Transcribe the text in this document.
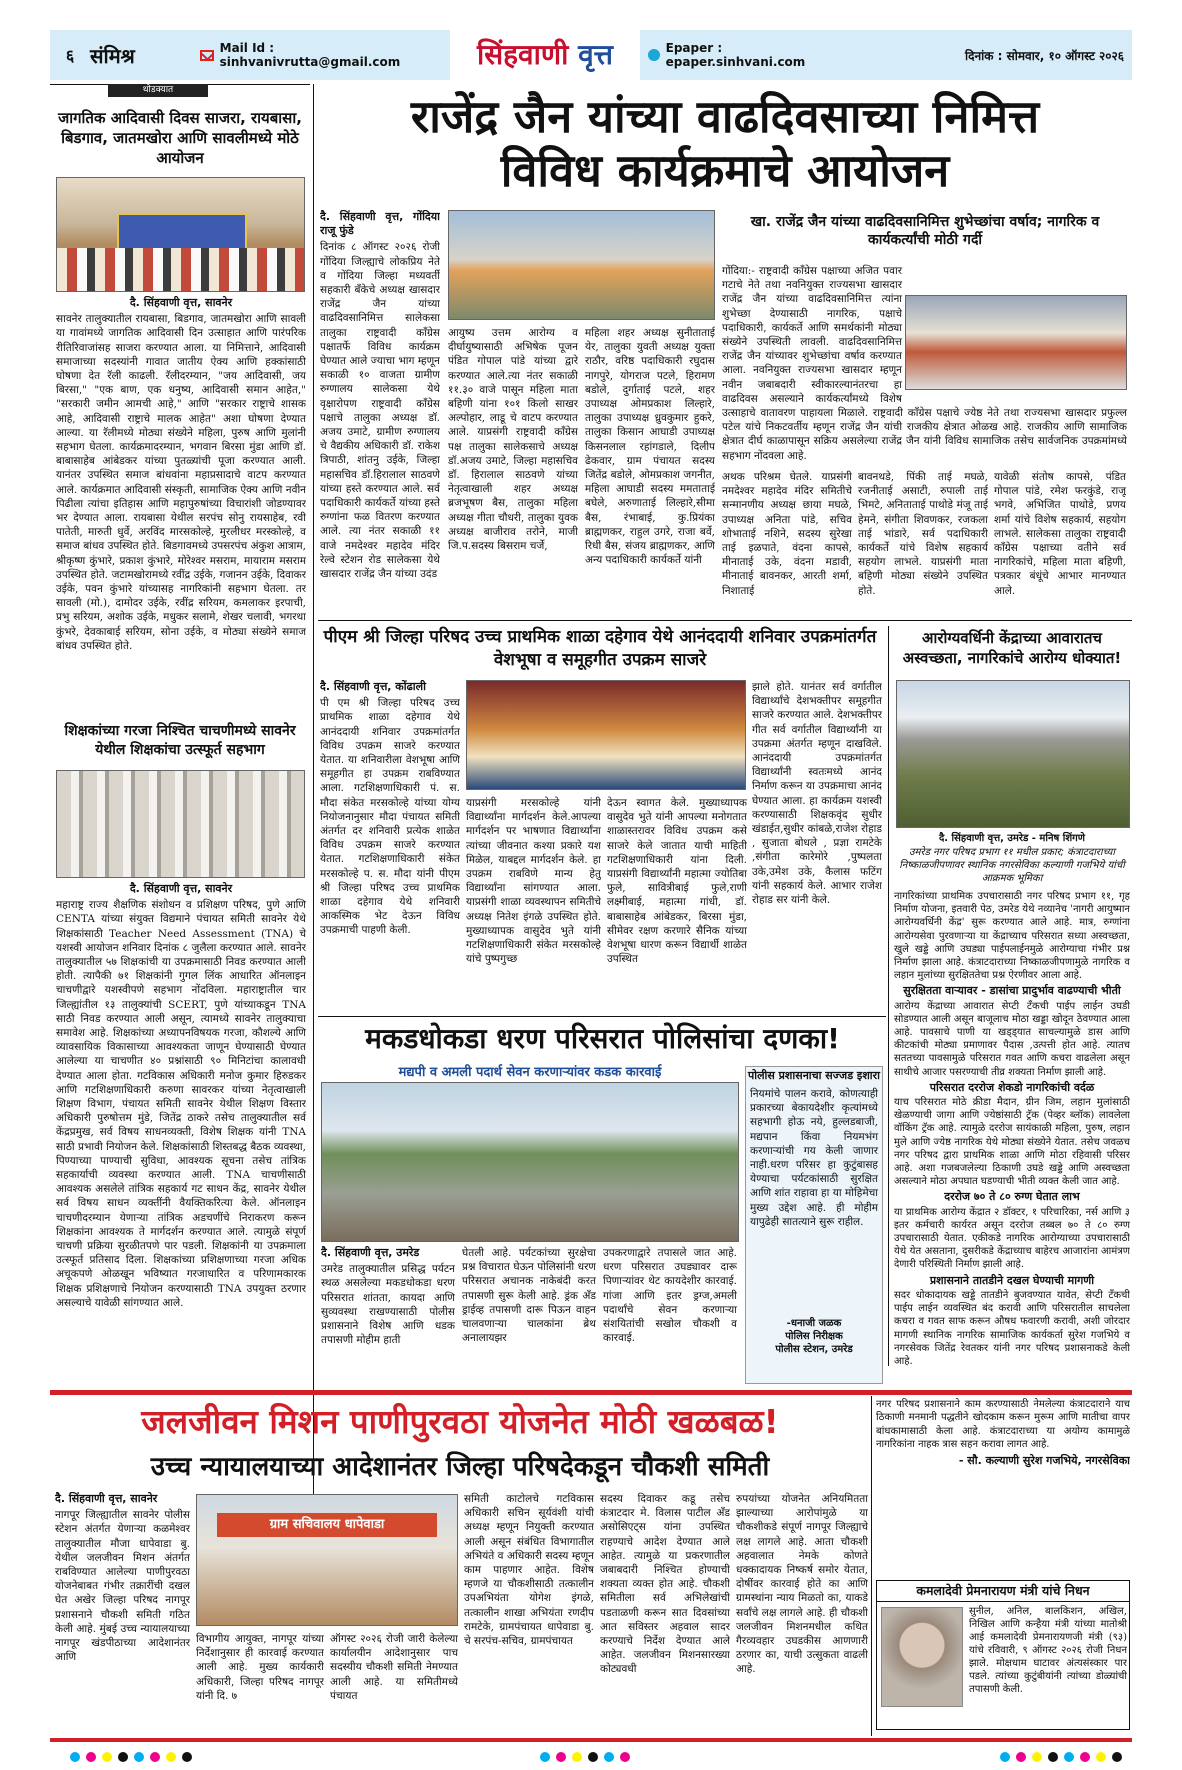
६ संमिश्र	Mail Id : sinhvanivrutta@gmail.com	सिंहवाणी वृत्त	Epaper : epaper.sinhvani.com	दिनांक : सोमवार, १० ऑगस्ट २०२६
थोडक्यात
जागतिक आदिवासी दिवस साजरा, रायबासा, बिडगाव, जातमखोरा आणि सावलीमध्ये मोठे आयोजन
दै. सिंहवाणी वृत्त, सावनेर
सावनेर तालुक्यातील रायबासा, बिडगाव, जातमखोरा आणि सावली या गावांमध्ये जागतिक आदिवासी दिन उत्साहात आणि पारंपरिक रीतिरिवाजांसह साजरा करण्यात आला. या निमित्ताने, आदिवासी समाजाच्या सदस्यांनी गावात जातीय ऐक्य आणि हक्कांसाठी घोषणा देत रॅली काढली. रॅलीदरम्यान, "जय आदिवासी, जय बिरसा," "एक बाण, एक धनुष्य, आदिवासी समान आहेत," "सरकारी जमीन आमची आहे," आणि "सरकार राष्ट्राचे शासक आहे, आदिवासी राष्ट्राचे मालक आहेत" अशा घोषणा देण्यात आल्या. या रॅलीमध्ये मोठ्या संख्येने महिला, पुरुष आणि मुलांनी सहभाग घेतला. कार्यक्रमादरम्यान, भगवान बिरसा मुंडा आणि डॉ. बाबासाहेब आंबेडकर यांच्या पुतळ्यांची पूजा करण्यात आली. यानंतर उपस्थित समाज बांधवांना महाप्रसादाचे वाटप करण्यात आले. कार्यक्रमात आदिवासी संस्कृती, सामाजिक ऐक्य आणि नवीन पिढीला त्यांचा इतिहास आणि महापुरुषांच्या विचारांशी जोडण्यावर भर देण्यात आला. रायबासा येथील सरपंच सोनु रायसाहेब, रवी पातेती, मारुती धुर्वे, अरविंद मारसकोल्हे, मुरलीधर मरस्कोल्हे, व समाज बांधव उपस्थित होते. बिडगावमध्ये उपसरपंच अंकुश आत्राम, श्रीकृष्ण कुंभारे, प्रकाश कुंभारे, मोरेश्वर मसराम, मायाराम मसराम उपस्थित होते. जटामखोरामध्ये रवींद्र उईके, गजानन उईके, दिवाकर उईके, पवन कुंभारे यांच्यासह नागरिकांनी सहभाग घेतला. तर सावली (मो.), दामोदर उईके, रवींद्र सरियम, कमलाकर इरपाची, प्रभु सरियम, अशोक उईके, मधुकर सलामे, शेखर चलावी, भगरथा कुंभरे, देवकाबाई सरियम, सोना उईके, व मोठ्या संख्येने समाज बांधव उपस्थित होते.
शिक्षकांच्या गरजा निश्चित चाचणीमध्ये सावनेर येथील शिक्षकांचा उत्स्फूर्त सहभाग
दै. सिंहवाणी वृत्त, सावनेर
महाराष्ट्र राज्य शैक्षणिक संशोधन व प्रशिक्षण परिषद, पुणे आणि CENTA यांच्या संयुक्त विद्यमाने पंचायत समिती सावनेर येथे शिक्षकांसाठी Teacher Need Assessment (TNA) चे यशस्वी आयोजन शनिवार दिनांक ८ जुलैला करण्यात आले. सावनेर तालुक्यातील ५७ शिक्षकांची या उपक्रमासाठी निवड करण्यात आली होती. त्यापैकी ७१ शिक्षकांनी गुगल लिंक आधारित ऑनलाइन चाचणीद्वारे यशस्वीपणे सहभाग नोंदविला. महाराष्ट्रातील चार जिल्ह्यांतील १३ तालुक्यांची SCERT, पुणे यांच्याकडून TNA साठी निवड करण्यात आली असून, त्यामध्ये सावनेर तालुक्याचा समावेश आहे. शिक्षकांच्या अध्यापनविषयक गरजा, कौशल्ये आणि व्यावसायिक विकासाच्या आवश्यकता जाणून घेण्यासाठी घेण्यात आलेल्या या चाचणीत ४० प्रश्नांसाठी ९० मिनिटांचा कालावधी देण्यात आला होता. गटविकास अधिकारी मनोज कुमार हिरुडकर आणि गटशिक्षणाधिकारी करुणा सावरकर यांच्या नेतृत्वाखाली शिक्षण विभाग, पंचायत समिती सावनेर येथील शिक्षण विस्तार अधिकारी पुरुषोत्तम मुंडे, जितेंद्र ठाकरे तसेच तालुक्यातील सर्व केंद्रप्रमुख, सर्व विषय साधनव्यक्ती, विशेष शिक्षक यांनी TNA साठी प्रभावी नियोजन केले. शिक्षकांसाठी शिस्तबद्ध बैठक व्यवस्था, पिण्याच्या पाण्याची सुविधा, आवश्यक सूचना तसेच तांत्रिक सहकार्याची व्यवस्था करण्यात आली. TNA चाचणीसाठी आवश्यक असलेले तांत्रिक सहकार्य गट साधन केंद्र, सावनेर येथील सर्व विषय साधन व्यक्तींनी वैयक्तिकरित्या केले. ऑनलाइन चाचणीदरम्यान येणाऱ्या तांत्रिक अडचणींचे निराकरण करून शिक्षकांना आवश्यक ते मार्गदर्शन करण्यात आले. त्यामुळे संपूर्ण चाचणी प्रक्रिया सुरळीतपणे पार पडली. शिक्षकांनी या उपक्रमाला उत्स्फूर्त प्रतिसाद दिला. शिक्षकांच्या प्रशिक्षणाच्या गरजा अधिक अचूकपणे ओळखून भविष्यात गरजाधारित व परिणामकारक शिक्षक प्रशिक्षणाचे नियोजन करण्यासाठी TNA उपयुक्त ठरणार असल्याचे यावेळी सांगण्यात आले.
राजेंद्र जैन यांच्या वाढदिवसाच्या निमित्त
विविध कार्यक्रमाचे आयोजन
दै. सिंहवाणी वृत्त, गोंदिया राजू फुंडे
दिनांक ८ ऑगस्ट २०२६ रोजी गोंदिया जिल्ह्याचे लोकप्रिय नेते व गोंदिया जिल्हा मध्यवर्ती सहकारी बँकेचे अध्यक्ष खासदार राजेंद्र जैन यांच्या वाढदिवसानिमित्त सालेकसा तालुका राष्ट्रवादी कॉंग्रेस पक्षातर्फे विविध कार्यक्रम घेण्यात आले ज्याचा भाग म्हणून सकाळी १० वाजता ग्रामीण रुग्णालय सालेकसा येथे वृक्षारोपण राष्ट्रवादी कॉंग्रेस पक्षाचे तालुका अध्यक्ष डॉ. अजय उमाटे, ग्रामीण रुग्णालय चे वैद्यकीय अधिकारी डॉ. राकेश त्रिपाठी, शांतनु उईके, जिल्हा महासचिव डॉ.हिरालाल साठवणे यांच्या हस्ते करण्यात आले. सर्व पदाधिकारी कार्यकर्ते यांच्या हस्ते रुग्णांना फळ वितरण करण्यात आले. त्या नंतर सकाळी ११ वाजे नमदेश्वर महादेव मंदिर रेल्वे स्टेशन रोड सालेकसा येथे खासदार राजेंद्र जैन यांच्या उदंड
आयुष्य उत्तम आरोग्य व दीर्घायुष्यासाठी अभिषेक पूजन पंडित गोपाल पांडे यांच्या द्वारे करण्यात आले.त्या नंतर सकाळी ११.३० वाजे पासून महिला माता बहिणी यांना १०१ किलो साखर अल्पोहार, लाडू चे वाटप करण्यात आले. याप्रसंगी राष्ट्रवादी कॉंग्रेस पक्ष तालुका सालेकसाचे अध्यक्ष डॉ.अजय उमाटे, जिल्हा महासचिव डॉ. हिरालाल साठवणे यांच्या नेतृत्वाखाली शहर अध्यक्ष ब्रजभूषण बैस, तालुका महिला अध्यक्ष गीता चौधरी, तालुका युवक अध्यक्ष बाजीराव तरोने, माजी जि.प.सदस्य बिसराम चर्जे,
महिला शहर अध्यक्ष सुनीताताई येर, तालुका युवती अध्यक्ष युक्ता राठौर, वरिष्ठ पदाधिकारी रघुदास नागपुरे, योगराज पटले, हिरामण बडोले, दुर्गाताई पटले, शहर उपाध्यक्ष ओमप्रकाश लिल्हारे, तालुका उपाध्यक्ष ध्रुवकुमार हुकरे, तालुका किसान आघाडी उपाध्यक्ष किसनलाल रहांगडाले, दिलीप ढेकवार, ग्राम पंचायत सदस्य जितेंद्र बडोले, ओमप्रकाश जगनीत, महिला आघाडी सदस्य ममताताई बघेले, अरुणाताई लिल्हारे,सीमा बैस, रंभाबाई, कु.प्रियंका ब्राह्मणकर, राहुल उगरे, राजा बर्वे, रिधी बैस, संजय ब्राह्मणकर, आणि अन्य पदाधिकारी कार्यकर्ते यांनी
अथक परिश्रम घेतले. याप्रसंगी नमदेश्वर महादेव मंदिर समितीचे सन्मानणीय अध्यक्ष छाया मघळे, उपाध्यक्ष अनिता पांडे, सचिव शोभाताई नशिने, सदस्य सुरेखा ताई इळपाते, वंदना कापसे, मीनाताई उके, वंदना मडावी, मीनाताई बावनकर, आरती शर्मा, निशाताई
बावनथडे, पिंकी ताई मघळे, रजनीताई असाटी, रुपाली ताई भिमटे, अनिताताई पाथोडे मंजू ताई हेमने, संगीता शिवणकर, रजकला ताई भांडारे, सर्व पदाधिकारी कार्यकर्ते यांचे विशेष सहकार्य सहयोग लाभले. याप्रसंगी माता बहिणी मोठ्या संख्येने उपस्थित होते.
यावेळी संतोष कापसे, पंडित गोपाल पांडे, रमेश फरकुंडे, राजू भगवे, अभिजित पाथोडे, प्रणय शर्मा यांचे विशेष सहकार्य, सहयोग लाभले. सालेकसा तालुका राष्ट्रवादी कॉंग्रेस पक्षाच्या वतीने सर्व नागरिकांचे, महिला माता बहिणी, पत्रकार बंधूंचे आभार मानण्यात आले.
खा. राजेंद्र जैन यांच्या वाढदिवसानिमित्त शुभेच्छांचा वर्षाव; नागरिक व कार्यकर्त्यांची मोठी गर्दी
गोंदिया:- राष्ट्रवादी कॉंग्रेस पक्षाच्या अजित पवार गटाचे नेते तथा नवनियुक्त राज्यसभा खासदार राजेंद्र जैन यांच्या वाढदिवसानिमित्त त्यांना शुभेच्छा देण्यासाठी नागरिक, पक्षाचे पदाधिकारी, कार्यकर्ते आणि समर्थकांनी मोठ्या संख्येने उपस्थिती लावली. वाढदिवसानिमित्त राजेंद्र जैन यांच्यावर शुभेच्छांचा वर्षाव करण्यात आला. नवनियुक्त राज्यसभा खासदार म्हणून नवीन जबाबदारी स्वीकारल्यानंतरचा हा वाढदिवस असल्याने कार्यकर्त्यांमध्ये विशेष उत्साहाचे वातावरण पाहायला मिळाले. राष्ट्रवादी कॉंग्रेस पक्षाचे ज्येष्ठ नेते तथा राज्यसभा खासदार प्रफुल्ल पटेल यांचे निकटवर्तीय म्हणून राजेंद्र जैन यांची राजकीय क्षेत्रात ओळख आहे. राजकीय आणि सामाजिक क्षेत्रात दीर्घ काळापासून सक्रिय असलेल्या राजेंद्र जैन यांनी विविध सामाजिक तसेच सार्वजनिक उपक्रमांमध्ये सहभाग नोंदवला आहे.
पीएम श्री जिल्हा परिषद उच्च प्राथमिक शाळा दहेगाव येथे आनंददायी शनिवार उपक्रमांतर्गत वेशभूषा व समूहगीत उपक्रम साजरे
दै. सिंहवाणी वृत्त, कोंढाली
पी एम श्री जिल्हा परिषद उच्च प्राथमिक शाळा दहेगाव येथे आनंददायी शनिवार उपक्रमांतर्गत विविध उपक्रम साजरे करण्यात येतात. या शनिवारीला वेशभूषा आणि समूहगीत हा उपक्रम राबविण्यात आला. गटशिक्षणाधिकारी पं. स. मौदा संकेत मरसकोल्हे यांच्या योग्य नियोजनानुसार मौदा पंचायत समिती अंतर्गत दर शनिवारी प्रत्येक शाळेत विविध उपक्रम साजरे करण्यात येतात. गटशिक्षणाधिकारी संकेत मरसकोल्हे प. स. मौदा यांनी पीएम श्री जिल्हा परिषद उच्च प्राथमिक शाळा दहेगाव येथे शनिवारी आकस्मिक भेट देऊन विविध उपक्रमाची पाहणी केली.
याप्रसंगी मरसकोल्हे यांनी विद्यार्थ्यांना मार्गदर्शन केले.आपल्या मार्गदर्शन पर भाषणात विद्यार्थ्यांना त्यांच्या जीवनात कश्या प्रकारे यश मिळेल, याबद्दल मार्गदर्शन केले. हा उपक्रम राबविणे मान्य हेतु विद्यार्थ्यांना सांगण्यात आला. याप्रसंगी शाळा व्यवस्थापन समितीचे अध्यक्ष नितेश इंगळे उपस्थित होते. मुख्याध्यापक वासुदेव भुते यांनी गटशिक्षणाधिकारी संकेत मरसकोल्हे यांचे पुष्पगुच्छ
देऊन स्वागत केले. मुख्याध्यापक वासुदेव भुते यांनी आपल्या मनोगतात शाळास्तरावर विविध उपक्रम कसे साजरे केले जातात याची माहिती गटशिक्षणाधिकारी यांना दिली. याप्रसंगी विद्यार्थ्यांनी महात्मा ज्योतिबा फुले, सावित्रीबाई फुले,राणी लक्ष्मीबाई, महात्मा गांधी, डॉ. बाबासाहेब आंबेडकर, बिरसा मुंडा, सीमेवर रक्षण करणारे सैनिक यांच्या वेशभूषा धारण करून विद्यार्थी शाळेत उपस्थित
झाले होते. यानंतर सर्व वर्गातील विद्यार्थ्यांचे देशभक्तीपर समूहगीत साजरे करण्यात आले. देशभक्तीपर गीत सर्व वर्गातील विद्यार्थ्यांनी या उपक्रमा अंतर्गत म्हणून दाखविले. आनंददायी उपक्रमांतर्गत विद्यार्थ्यांनी स्वतःमध्ये आनंद निर्माण करून या उपक्रमाचा आनंद घेण्यात आला. हा कार्यक्रम यशस्वी करण्यासाठी शिक्षकवृंद सुधीर खंडाईत,सुधीर कांबळे,राजेश रोहाड , सुजाता बोधले , प्रज्ञा रामटेके ,संगीता कारेमोरे ,पुष्पलता उके,उमेश उके, कैलास फटिंग यांनी सहकार्य केले. आभार राजेश रोहाड सर यांनी केले.
आरोग्यवर्धिनी केंद्राच्या आवारातच अस्वच्छता, नागरिकांचे आरोग्य धोक्यात!
दै. सिंहवाणी वृत्त, उमरेड - मनिष शिंगणे
उमरेड नगर परिषद प्रभाग ११ मधील प्रकार; कंत्राटदाराच्या निष्काळजीपणावर स्थानिक नगरसेविका कल्याणी गजभिये यांची आक्रमक भूमिका
नागरिकांच्या प्राथमिक उपचारासाठी नगर परिषद प्रभाग ११, गृह निर्माण योजना, इतवारी पेठ, उमरेड येथे नव्यानेच 'नागरी आयुष्मान आरोग्यवर्धिनी केंद्र' सुरू करण्यात आले आहे. मात्र, रुग्णांना आरोग्यसेवा पुरवणाऱ्या या केंद्राच्याच परिसरात सध्या अस्वच्छता, खुले खड्डे आणि उघड्या पाईपलाईनमुळे आरोग्याचा गंभीर प्रश्न निर्माण झाला आहे. कंत्राटदाराच्या निष्काळजीपणामुळे नागरिक व लहान मुलांच्या सुरक्षिततेचा प्रश्न ऐरणीवर आला आहे.
सुरक्षितता वाऱ्यावर - डासांचा प्रादुर्भाव वाढण्याची भीती
आरोग्य केंद्राच्या आवारात सेप्टी टँकची पाईप लाईन उघडी सोडण्यात आली असून बाजूलाच मोठा खड्डा खोदून ठेवण्यात आला आहे. पावसाचे पाणी या खड्ड्यात साचल्यामुळे डास आणि कीटकांची मोठ्या प्रमाणावर पैदास ,उत्पत्ती होत आहे. त्यातच सततच्या पावसामुळे परिसरात गवत आणि कचरा वाढलेला असून साथीचे आजार पसरण्याची तीव्र शक्यता निर्माण झाली आहे.
परिसरात दररोज शेकडो नागरिकांची वर्दळ
याच परिसरात मोठे क्रीडा मैदान, ग्रीन जिम, लहान मुलांसाठी खेळण्याची जागा आणि ज्येष्ठांसाठी ट्रॅक (पेव्हर ब्लॉक) लावलेला वॉकिंग ट्रॅक आहे. त्यामुळे दररोज सायंकाळी महिला, पुरुष, लहान मुले आणि ज्येष्ठ नागरिक येथे मोठ्या संख्येने येतात. तसेच जवळच नगर परिषद द्वारा प्राथमिक शाळा आणि मोठा रहिवासी परिसर आहे. अशा गजबजलेल्या ठिकाणी उघडे खड्डे आणि अस्वच्छता असल्याने मोठा अपघात घडण्याची भीती व्यक्त केली जात आहे.
दररोज ७० ते ८० रुग्ण घेतात लाभ
या प्राथमिक आरोग्य केंद्रात २ डॉक्टर, १ परिचारिका, नर्स आणि ३ इतर कर्मचारी कार्यरत असून दररोज तब्बल ७० ते ८० रुग्ण उपचारासाठी येतात. एकीकडे नागरिक आरोग्याच्या उपचारासाठी येथे येत असताना, दुसरीकडे केंद्राच्याच बाहेरच आजारांना आमंत्रण देणारी परिस्थिती निर्माण झाली आहे.
प्रशासनाने तातडीने दखल घेण्याची मागणी
सदर धोकादायक खड्डे तातडीने बुजवण्यात यावेत, सेप्टी टँकची पाईप लाईन व्यवस्थित बंद करावी आणि परिसरातील साचलेला कचरा व गवत साफ करून औषध फवारणी करावी, अशी जोरदार मागणी स्थानिक नागरिक सामाजिक कार्यकर्ता सुरेश गजभिये व नगरसेवक जितेंद्र रेवतकर यांनी नगर परिषद प्रशासनाकडे केली आहे.
मकडधोकडा धरण परिसरात पोलिसांचा दणका!
मद्यपी व अमली पदार्थ सेवन करणाऱ्यांवर कडक कारवाई
दै. सिंहवाणी वृत्त, उमरेड
उमरेड तालुक्यातील प्रसिद्ध पर्यटन स्थळ असलेल्या मकडधोकडा धरण परिसरात शांतता, कायदा आणि सुव्यवस्था राखण्यासाठी पोलीस प्रशासनाने विशेष आणि धडक तपासणी मोहीम हाती
घेतली आहे. पर्यटकांच्या सुरक्षेचा प्रश्न विचारात घेऊन पोलिसांनी धरण परिसरात अचानक नाकेबंदी करत तपासणी सुरू केली आहे. ड्रंक अँड ड्राईव्ह तपासणी दारू पिऊन वाहन चालवणाऱ्या चालकांना ब्रेथ अनालायझर
उपकरणाद्वारे तपासले जात आहे. धरण परिसरात उघड्यावर दारू पिणाऱ्यांवर थेट कायदेशीर कारवाई. गांजा आणि इतर ड्रग्ज,अमली पदार्थांचे सेवन करणाऱ्या संशयितांची सखोल चौकशी व कारवाई.
पोलीस प्रशासनाचा सज्जड इशारा
नियमांचे पालन करावे, कोणत्याही प्रकारच्या बेकायदेशीर कृत्यांमध्ये सहभागी होऊ नये, हुल्लडबाजी, मद्यपान किंवा नियमभंग करणाऱ्यांची गय केली जाणार नाही.धरण परिसर हा कुटुंबासह येण्याचा पर्यटकांसाठी सुरक्षित आणि शांत राहावा हा या मोहिमेचा मुख्य उद्देश आहे. ही मोहीम यापुढेही सातत्याने सुरू राहील.
-धनाजी जळक
पोलिस निरीक्षक
पोलीस स्टेशन, उमरेड
जलजीवन मिशन पाणीपुरवठा योजनेत मोठी खळबळ!
उच्च न्यायालयाच्या आदेशानंतर जिल्हा परिषदेकडून चौकशी समिती
दै. सिंहवाणी वृत्त, सावनेर
नागपूर जिल्ह्यातील सावनेर पोलीस स्टेशन अंतर्गत येणाऱ्या कळमेश्वर तालुक्यातील मौजा धापेवाडा बु. येथील जलजीवन मिशन अंतर्गत राबविण्यात आलेल्या पाणीपुरवठा योजनेबाबत गंभीर तक्रारींची दखल घेत अखेर जिल्हा परिषद नागपूर प्रशासनाने चौकशी समिती गठित केली आहे. मुंबई उच्च न्यायालयाच्या नागपूर खंडपीठाच्या आदेशानंतर आणि
ग्राम सचिवालय धापेवाडा
विभागीय आयुक्त, नागपूर यांच्या निर्देशानुसार ही कारवाई करण्यात आली आहे. मुख्य कार्यकारी अधिकारी, जिल्हा परिषद नागपूर यांनी दि. ७
ऑगस्ट २०२६ रोजी जारी केलेल्या कार्यालयीन आदेशानुसार पाच सदस्यीय चौकशी समिती नेमण्यात आली आहे. या समितीमध्ये पंचायत
समिती काटोलचे गटविकास अधिकारी सचिन सूर्यवंशी यांची अध्यक्ष म्हणून नियुक्ती करण्यात आली असून संबंधित विभागातील अभियंते व अधिकारी सदस्य म्हणून काम पाहणार आहेत. विशेष म्हणजे या चौकशीसाठी तत्कालीन उपअभियंता योगेश इंगळे, तत्कालीन शाखा अभियंता रणदीप रामटेके, ग्रामपंचायत धापेवाडा बु. चे सरपंच-सचिव, ग्रामपंचायत
सदस्य दिवाकर कडू तसेच कंत्राटदार मे. विलास पाटील ॲंड असोसिएट्स यांना उपस्थित राहण्याचे आदेश देण्यात आले आहेत. त्यामुळे या प्रकरणातील जबाबदारी निश्चित होण्याची शक्यता व्यक्त होत आहे. चौकशी समितीला सर्व अभिलेखांची पडताळणी करून सात दिवसांच्या आत सविस्तर अहवाल सादर करण्याचे निर्देश देण्यात आले आहेत. जलजीवन मिशनसारख्या कोट्यवधी
रुपयांच्या योजनेत अनियमितता झाल्याच्या आरोपांमुळे या चौकशीकडे संपूर्ण नागपूर जिल्ह्याचे लक्ष लागले आहे. आता चौकशी अहवालात नेमके कोणते धक्कादायक निष्कर्ष समोर येतात, दोषींवर कारवाई होते का आणि ग्रामस्थांना न्याय मिळतो का, याकडे सर्वांचे लक्ष लागले आहे. ही चौकशी जलजीवन मिशनमधील कथित गैरव्यवहार उघडकीस आणणारी ठरणार का, याची उत्सुकता वाढली आहे.
नगर परिषद प्रशासनाने काम करण्यासाठी नेमलेल्या कंत्राटदाराने याच ठिकाणी मनमानी पद्धतीने खोदकाम करून मुरूम आणि मातीचा वापर बांधकामासाठी केला आहे. कंत्राटदाराच्या या अयोग्य कामामुळे नागरिकांना नाहक त्रास सहन करावा लागत आहे.
- सौ. कल्याणी सुरेश गजभिये, नगरसेविका
कमलादेवी प्रेमनारायण मंत्री यांचे निधन
सुनील, अनिल, बालकिशन, अखिल, निखिल आणि कन्हैया मंत्री यांच्या मातोश्री आई कमलादेवी प्रेमनारायणजी मंत्री (९३) यांचे रविवारी, ९ ऑगस्ट २०२६ रोजी निधन झाले. मोक्षधाम घाटावर अंत्यसंस्कार पार पडले. त्यांच्या कुटुंबीयांनी त्यांच्या डोळ्यांची तपासणी केली.
